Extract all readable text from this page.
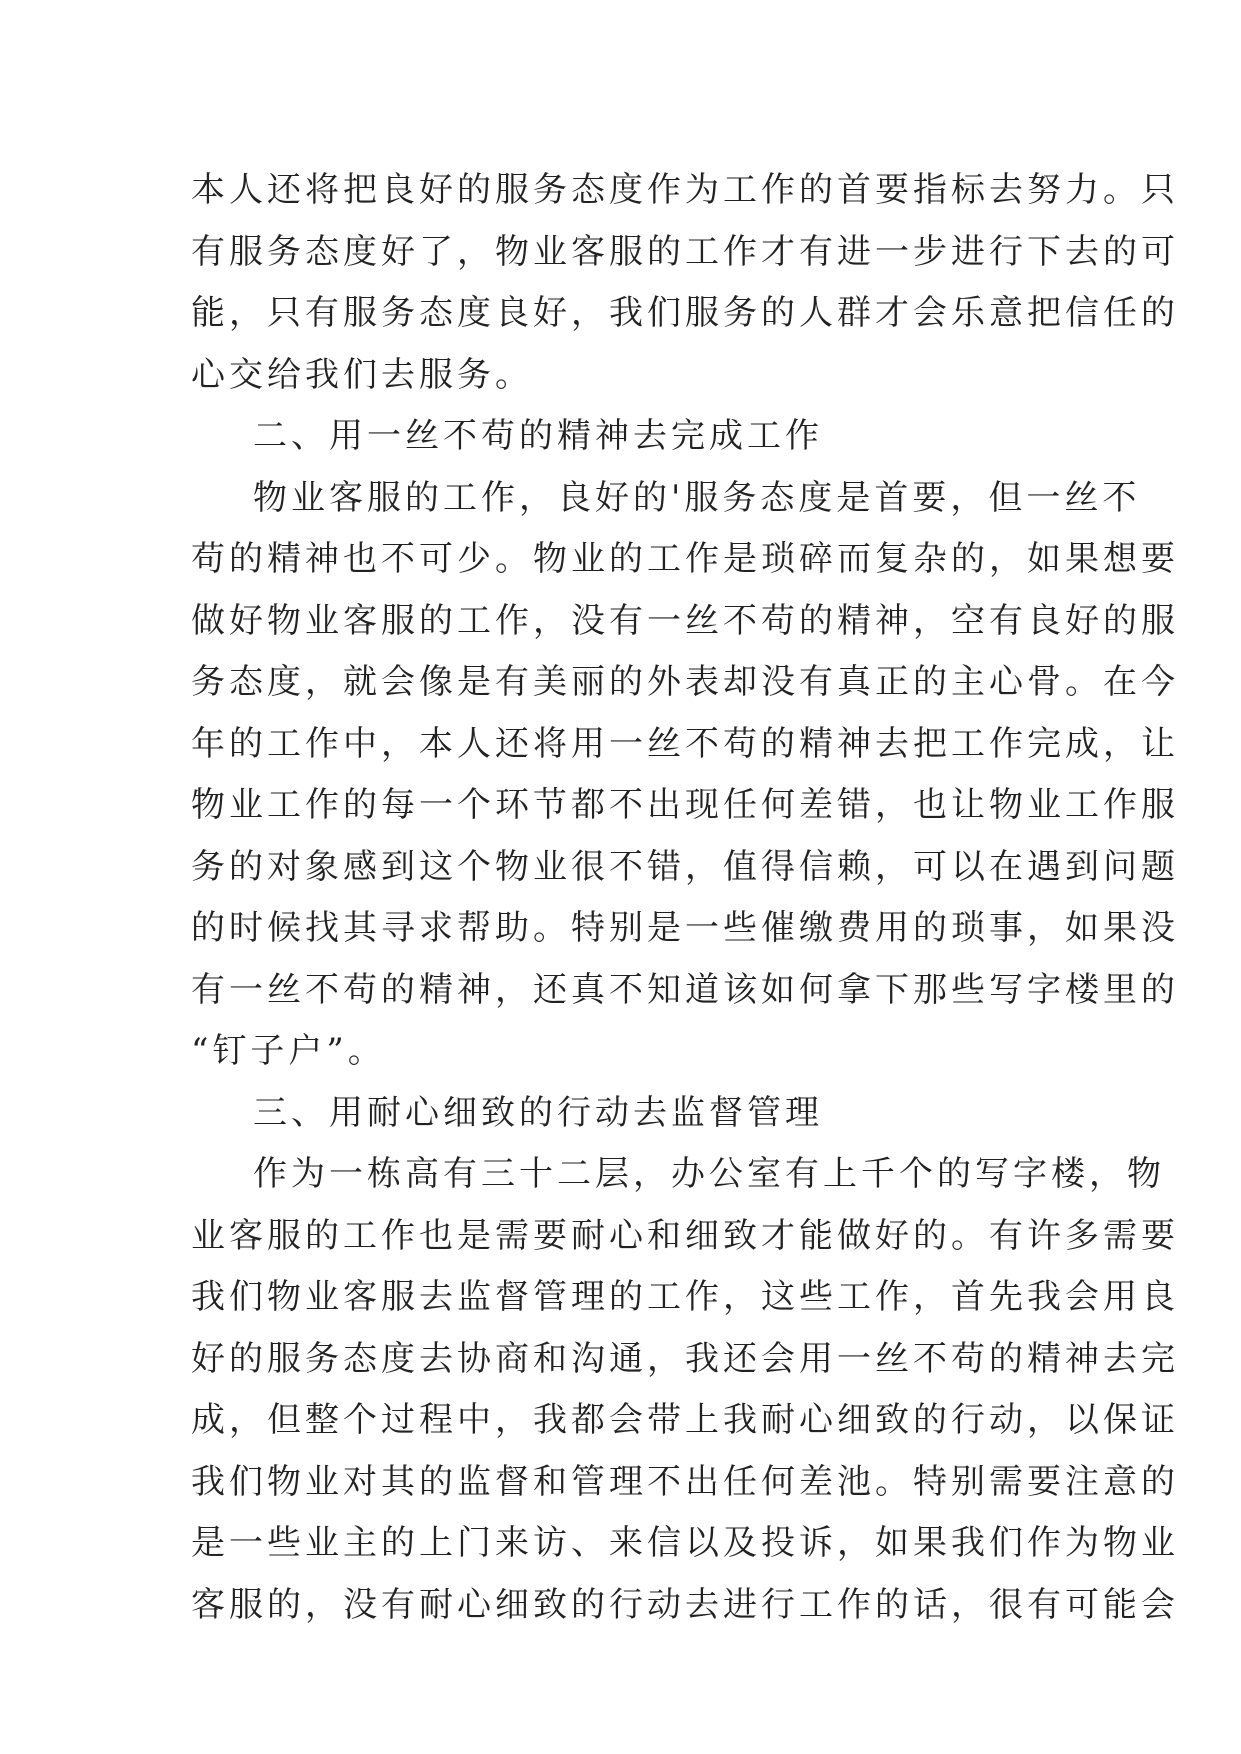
本人还将把良好的服务态度作为工作的首要指标去努力。只
有服务态度好了，物业客服的工作才有进一步进行下去的可
能，只有服务态度良好，我们服务的人群才会乐意把信任的
心交给我们去服务。
二、用一丝不苟的精神去完成工作
物业客服的工作，良好的'服务态度是首要，但一丝不
苟的精神也不可少。物业的工作是琐碎而复杂的，如果想要
做好物业客服的工作，没有一丝不苟的精神，空有良好的服
务态度，就会像是有美丽的外表却没有真正的主心骨。在今
年的工作中，本人还将用一丝不苟的精神去把工作完成，让
物业工作的每一个环节都不出现任何差错，也让物业工作服
务的对象感到这个物业很不错，值得信赖，可以在遇到问题
的时候找其寻求帮助。特别是一些催缴费用的琐事，如果没
有一丝不苟的精神，还真不知道该如何拿下那些写字楼里的
“钉子户”。
三、用耐心细致的行动去监督管理
作为一栋高有三十二层，办公室有上千个的写字楼，物
业客服的工作也是需要耐心和细致才能做好的。有许多需要
我们物业客服去监督管理的工作，这些工作，首先我会用良
好的服务态度去协商和沟通，我还会用一丝不苟的精神去完
成，但整个过程中，我都会带上我耐心细致的行动，以保证
我们物业对其的监督和管理不出任何差池。特别需要注意的
是一些业主的上门来访、来信以及投诉，如果我们作为物业
客服的，没有耐心细致的行动去进行工作的话，很有可能会
